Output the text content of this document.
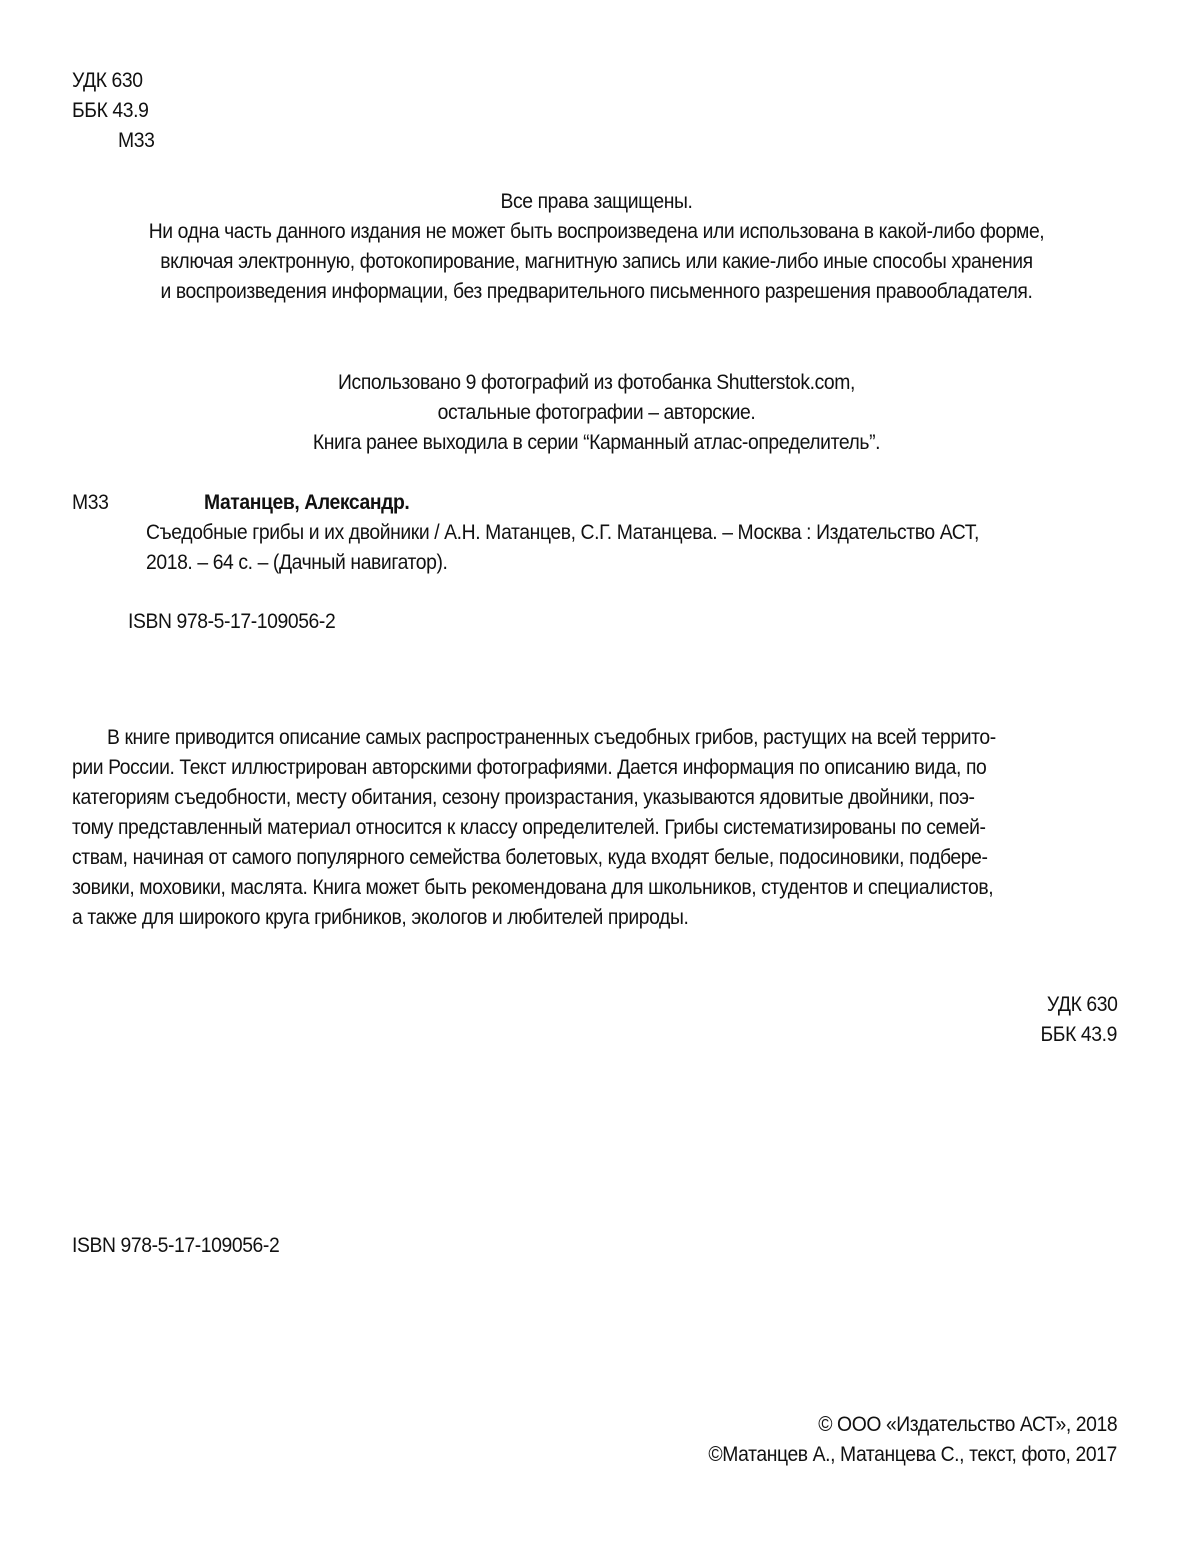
УДК 630
ББК 43.9
М33
Все права защищены.
Ни одна часть данного издания не может быть воспроизведена или использована в какой-либо форме,
включая электронную, фотокопирование, магнитную запись или какие-либо иные способы хранения
и воспроизведения информации, без предварительного письменного разрешения правообладателя.
Использовано 9 фотографий из фотобанка Shutterstok.com,
остальные фотографии – авторские.
Книга ранее выходила в серии “Карманный атлас-определитель”.
М33	Матанцев, Александр.
Съедобные грибы и их двойники / А.Н. Матанцев, С.Г. Матанцева. – Москва : Издательство АСТ,
2018. – 64 с. – (Дачный навигатор).
ISBN 978-5-17-109056-2
В книге приводится описание самых распространенных съедобных грибов, растущих на всей террито-
рии России. Текст иллюстрирован авторскими фотографиями. Дается информация по описанию вида, по
категориям съедобности, месту обитания, сезону произрастания, указываются ядовитые двойники, поэ-
тому представленный материал относится к классу определителей. Грибы систематизированы по семей-
ствам, начиная от самого популярного семейства болетовых, куда входят белые, подосиновики, подбере-
зовики, моховики, маслята. Книга может быть рекомендована для школьников, студентов и специалистов,
а также для широкого круга грибников, экологов и любителей природы.
УДК 630
ББК 43.9
ISBN 978-5-17-109056-2
© ООО «Издательство АСТ», 2018
©Матанцев А., Матанцева С., текст, фото, 2017
